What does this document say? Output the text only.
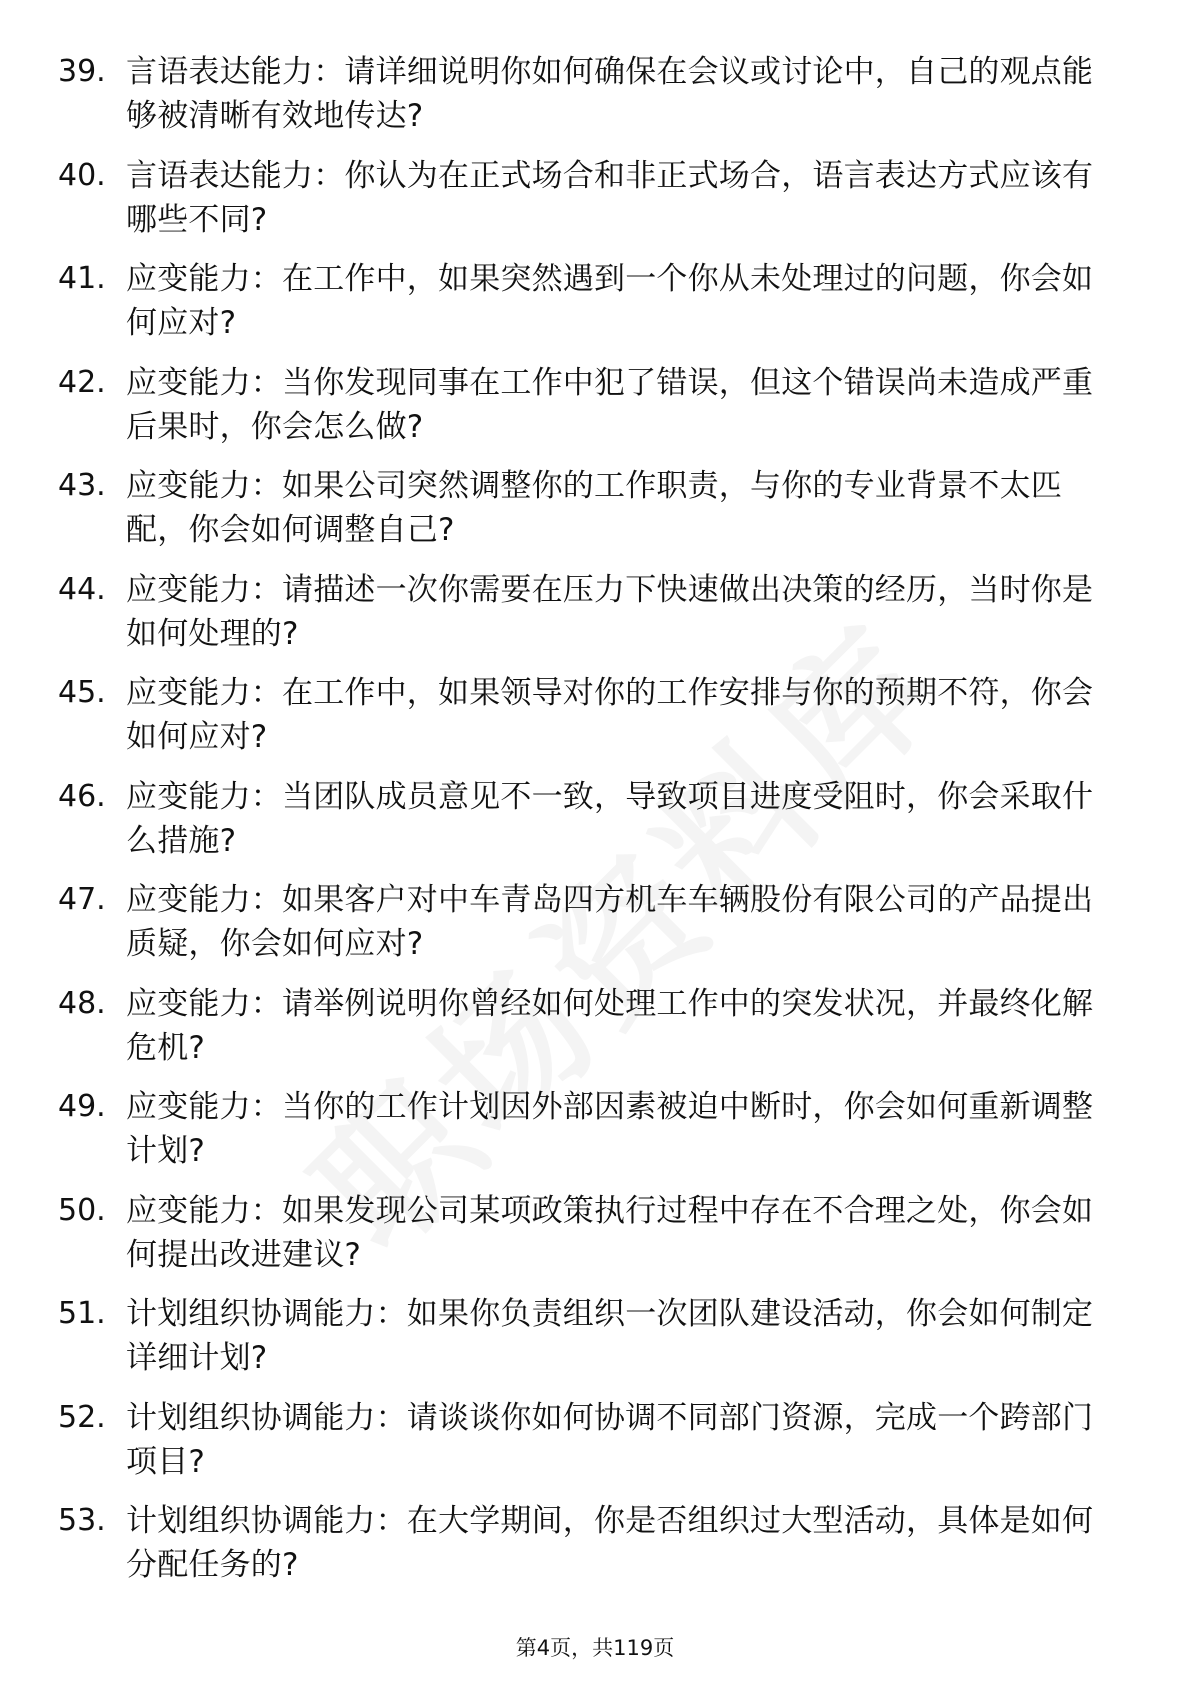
39. 言语表达能力：请详细说明你如何确保在会议或讨论中，自己的观点能够被清晰有效地传达?
40. 言语表达能力：你认为在正式场合和非正式场合，语言表达方式应该有哪些不同?
41. 应变能力：在工作中，如果突然遇到一个你从未处理过的问题，你会如何应对?
42. 应变能力：当你发现同事在工作中犯了错误，但这个错误尚未造成严重后果时，你会怎么做?
43. 应变能力：如果公司突然调整你的工作职责，与你的专业背景不太匹配，你会如何调整自己?
44. 应变能力：请描述一次你需要在压力下快速做出决策的经历，当时你是如何处理的?
45. 应变能力：在工作中，如果领导对你的工作安排与你的预期不符，你会如何应对?
46. 应变能力：当团队成员意见不一致，导致项目进度受阻时，你会采取什么措施?
47. 应变能力：如果客户对中车青岛四方机车车辆股份有限公司的产品提出质疑，你会如何应对?
48. 应变能力：请举例说明你曾经如何处理工作中的突发状况，并最终化解危机?
49. 应变能力：当你的工作计划因外部因素被迫中断时，你会如何重新调整计划?
50. 应变能力：如果发现公司某项政策执行过程中存在不合理之处，你会如何提出改进建议?
51. 计划组织协调能力：如果你负责组织一次团队建设活动，你会如何制定详细计划?
52. 计划组织协调能力：请谈谈你如何协调不同部门资源，完成一个跨部门项目?
53. 计划组织协调能力：在大学期间，你是否组织过大型活动，具体是如何分配任务的?
第4页，共119页
